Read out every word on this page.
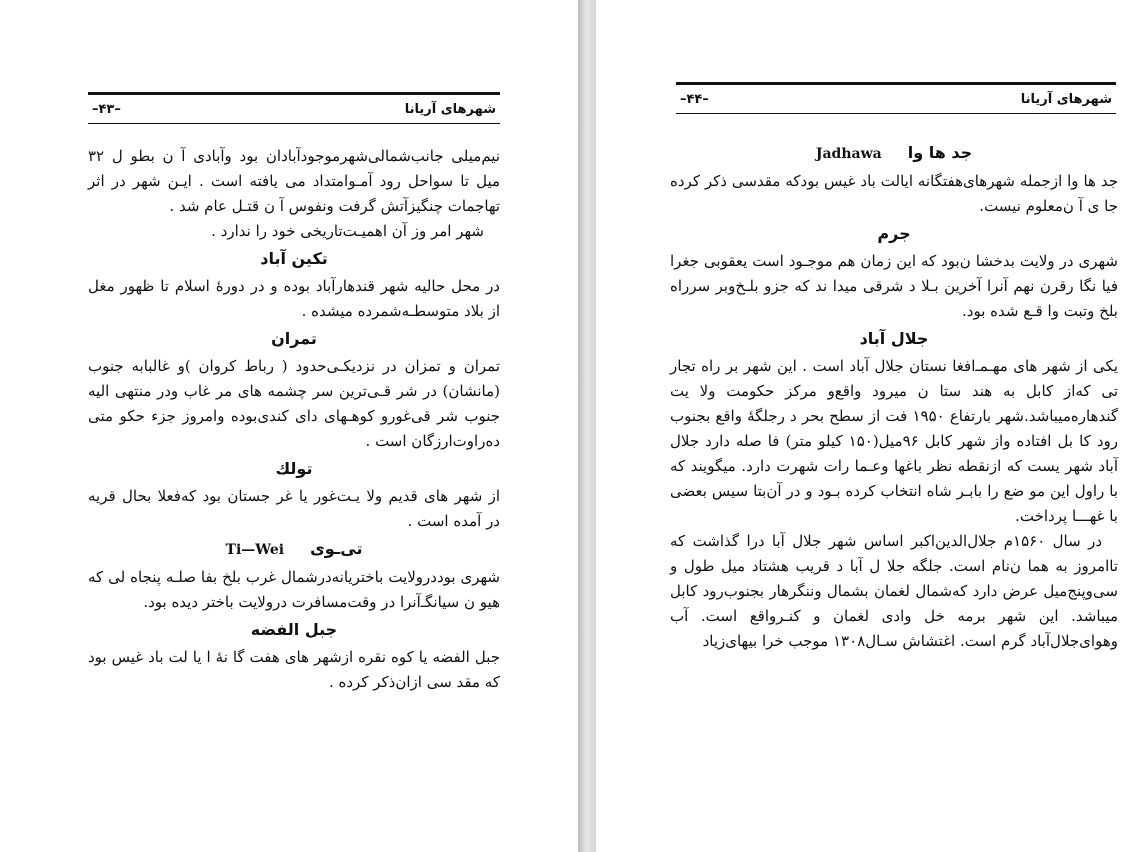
شهرهای آریانا
–۴۳–

نیم‌میلی جانب‌شمالی‌شهرموجودآبادان بود وآبادی آ ن بطو ل ۳۲ میل تا سواحل رود آمـو‌امتداد می یافته است . ایـن شهر در اثر تهاجمات چنگیزآتش گرفت ونفوس آ ن قتـل عام شد .

شهر امر وز آن اهمیـت‌تاریخی خود را ندارد .

تکین آباد

در محل حالیه شهر قندهارآباد بوده و در دورهٔ اسلام تا ظهور مغل از بلاد متوسطـه‌شمرده میشده .

تمران

تمران و تمزان در نزدیکـی‌حدود ( رباط کروان )و غالبابه جنوب (مانشان) در شر قـی‌ترین سر چشمه های مر غاب ودر منتهی الیه جنوب شر قی‌غورو کوهـهای دای کندی‌بوده وامروز جزء حکو متی ده‌راوت‌ارزگان است .

تولك

از شهر های قدیم ولا یـت‌غور یا غر جستان بود که‌فعلا بحال قریه در آمده است .

تی‌ـویTi—Wei

شهری بوددرولایت باختریانه‌درشمال غرب بلخ بفا صلـه پنجاه لی که هیو ن سیانگـ‌آنرا در وقت‌مسافرت درولایت باختر دیده بود.

جبل الفضه

جبل الفضه یا کوه نقره ازشهر های هفت گا نهٔ ا یا لت باد غیس بود که مقد سی ازان‌ذکر کرده .

شهرهای آریانا
–۴۴–
جد ها واJadhawa

جد ها وا ازجمله شهرهای‌هفتگانه ایالت باد غیس بودکه مقدسی ذکر کرده جا ی آ ن‌معلوم نیست.

جرم

شهری در ولایت بدخشا ن‌بود که این زمان هم موجـود است یعقوبی جغرا فیا نگا رقرن نهم آنرا آخرین بـلا د شرقی میدا ند که جزو بلـخ‌وبر سرراه بلخ وتبت وا قـع شده بود.

جلال آباد

یکی از شهر های مهـمـ‌افغا نستان جلال آباد است . این شهر بر راه تجار تی که‌از کابل به هند ستا ن میرود واقع‌و مرکز حکومت ولا یت گندهاره‌میباشد.شهر بارتفاع ۱۹۵۰ فت از سطح بحر د رجلگهٔ واقع بجنوب رود کا بل افتاده واز شهر کابل ۹۶میل(۱۵۰ کیلو متر) فا صله دارد جلال آباد شهر یست که ازنقطه نظر باغها وعـما رات شهرت دارد. میگویند که با راول این مو ضع را بابـر شاه انتخاب کرده بـود و در آن‌بتا سیس بعضی با غهـــا پرداخت.

در سال ۱۵۶۰م جلال‌الدین‌اکبر اساس شهر جلال آبا درا گذاشت که تاامروز به هما ن‌نام است. جلگه جلا ل آبا د قریب هشتاد میل طول و سی‌وپنج‌میل عرض دارد که‌شمال لغمان بشمال وننگرهار بجنوب‌رود کابل میباشد. این شهر برمه خل وادی لغمان و کنـرواقع است. آب وهوای‌جلال‌آباد گرم است. اغتشاش سـال۱۳۰۸ موجب خرا بیهای‌زیاد
